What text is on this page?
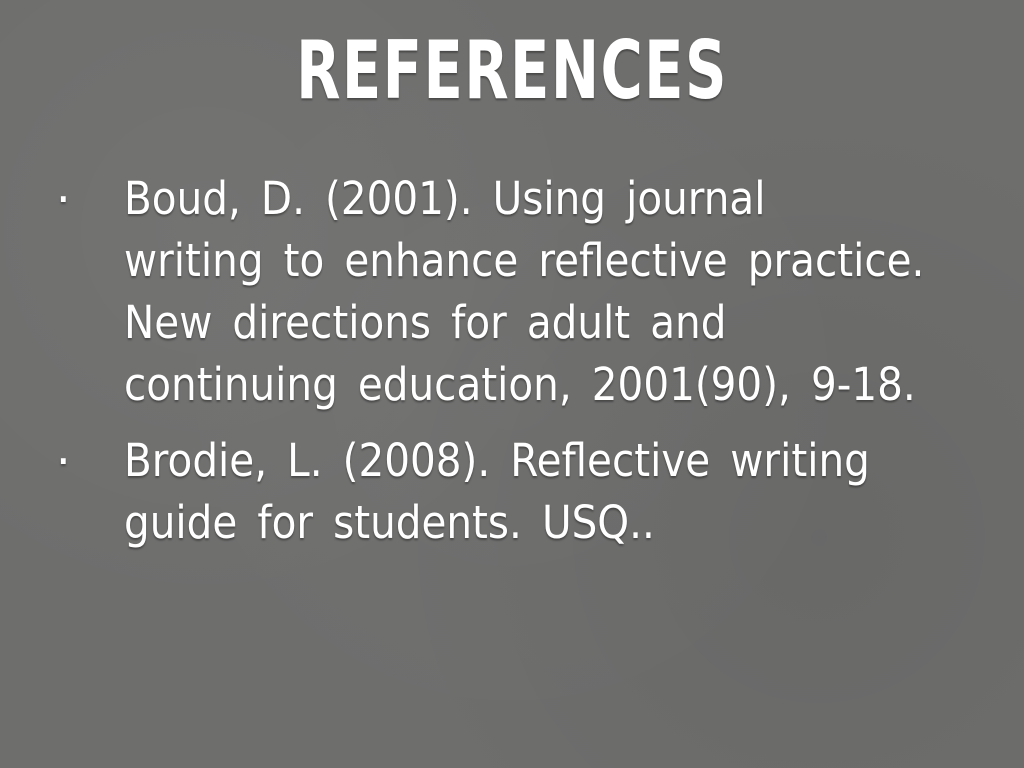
REFERENCES
· Boud, D. (2001). Using journal writing to enhance reflective practice. New directions for adult and continuing education, 2001(90), 9-18.
· Brodie, L. (2008). Reflective writing guide for students. USQ..
